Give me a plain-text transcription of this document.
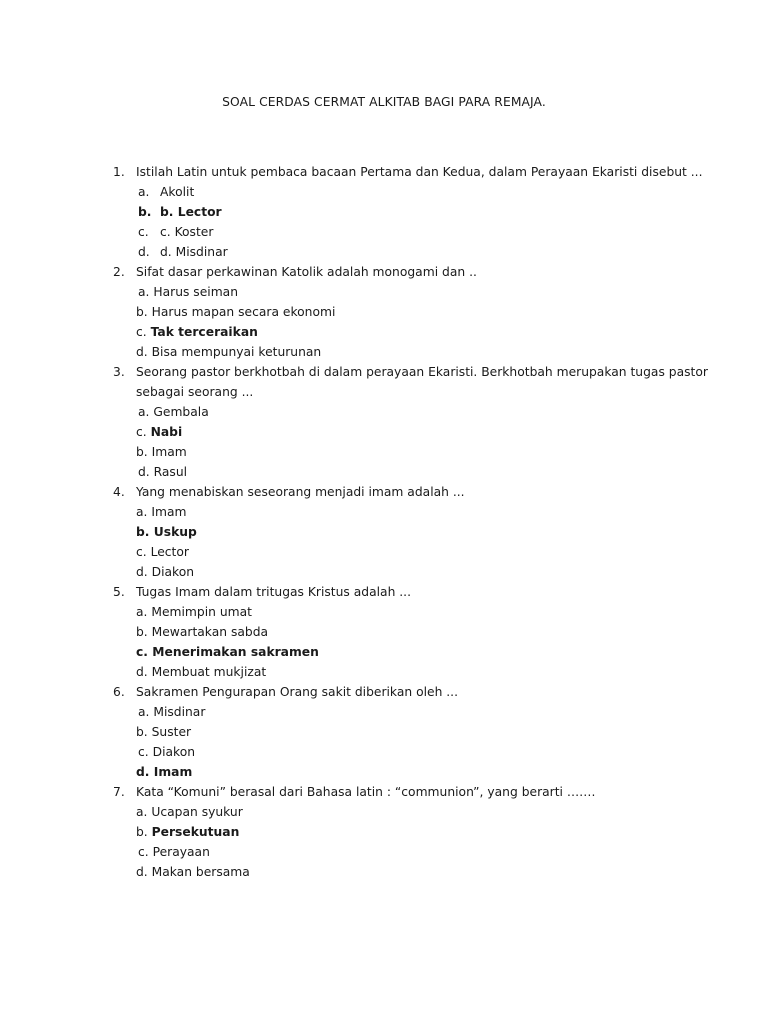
SOAL CERDAS CERMAT ALKITAB BAGI PARA REMAJA.
1. Istilah Latin untuk pembaca bacaan Pertama dan Kedua, dalam Perayaan Ekaristi disebut ...
a. Akolit
b. b. Lector
c. c. Koster
d. d. Misdinar
2. Sifat dasar perkawinan Katolik adalah monogami dan ..
a. Harus seiman
b. Harus mapan secara ekonomi
c. Tak terceraikan
d. Bisa mempunyai keturunan
3. Seorang pastor berkhotbah di dalam perayaan Ekaristi. Berkhotbah merupakan tugas pastor
sebagai seorang ...
a. Gembala
c. Nabi
b. Imam
d. Rasul
4. Yang menabiskan seseorang menjadi imam adalah ...
a. Imam
b. Uskup
c. Lector
d. Diakon
5. Tugas Imam dalam tritugas Kristus adalah ...
a. Memimpin umat
b. Mewartakan sabda
c. Menerimakan sakramen
d. Membuat mukjizat
6. Sakramen Pengurapan Orang sakit diberikan oleh ...
a. Misdinar
b. Suster
c. Diakon
d. Imam
7. Kata “Komuni” berasal dari Bahasa latin : “communion”, yang berarti …….
a. Ucapan syukur
b. Persekutuan
c. Perayaan
d. Makan bersama
